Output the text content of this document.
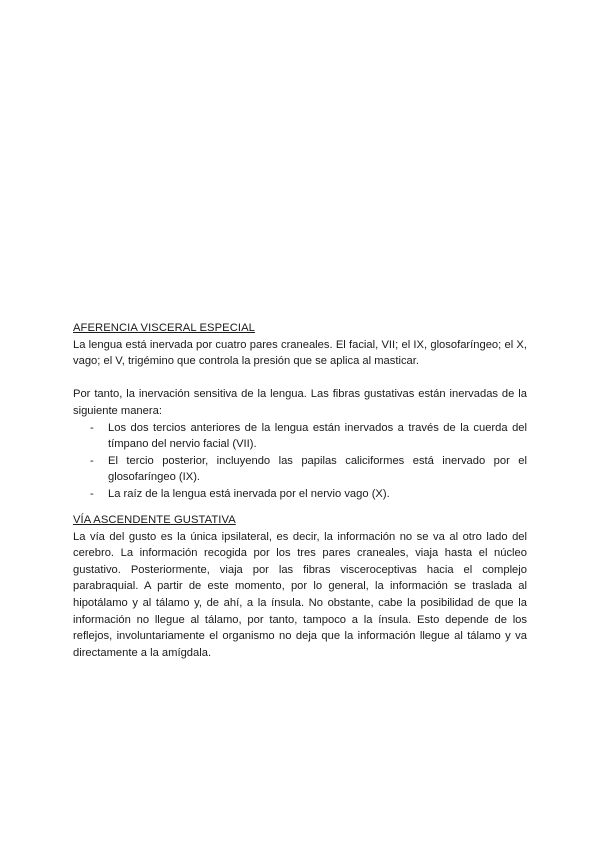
AFERENCIA VISCERAL ESPECIAL

La lengua está inervada por cuatro pares craneales. El facial, VII; el IX, glosofaríngeo; el X, vago; el V, trigémino que controla la presión que se aplica al masticar.

Por tanto, la inervación sensitiva de la lengua. Las fibras gustativas están inervadas de la siguiente manera:

- Los dos tercios anteriores de la lengua están inervados a través de la cuerda del tímpano del nervio facial (VII).
- El tercio posterior, incluyendo las papilas caliciformes está inervado por el glosofaríngeo (IX).
- La raíz de la lengua está inervada por el nervio vago (X).
VÍA ASCENDENTE GUSTATIVA

La vía del gusto es la única ipsilateral, es decir, la información no se va al otro lado del cerebro. La información recogida por los tres pares craneales, viaja hasta el núcleo gustativo. Posteriormente, viaja por las fibras visceroceptivas hacia el complejo parabraquial. A partir de este momento, por lo general, la información se traslada al hipotálamo y al tálamo y, de ahí, a la ínsula. No obstante, cabe la posibilidad de que la información no llegue al tálamo, por tanto, tampoco a la ínsula. Esto depende de los reflejos, involuntariamente el organismo no deja que la información llegue al tálamo y va directamente a la amígdala.
